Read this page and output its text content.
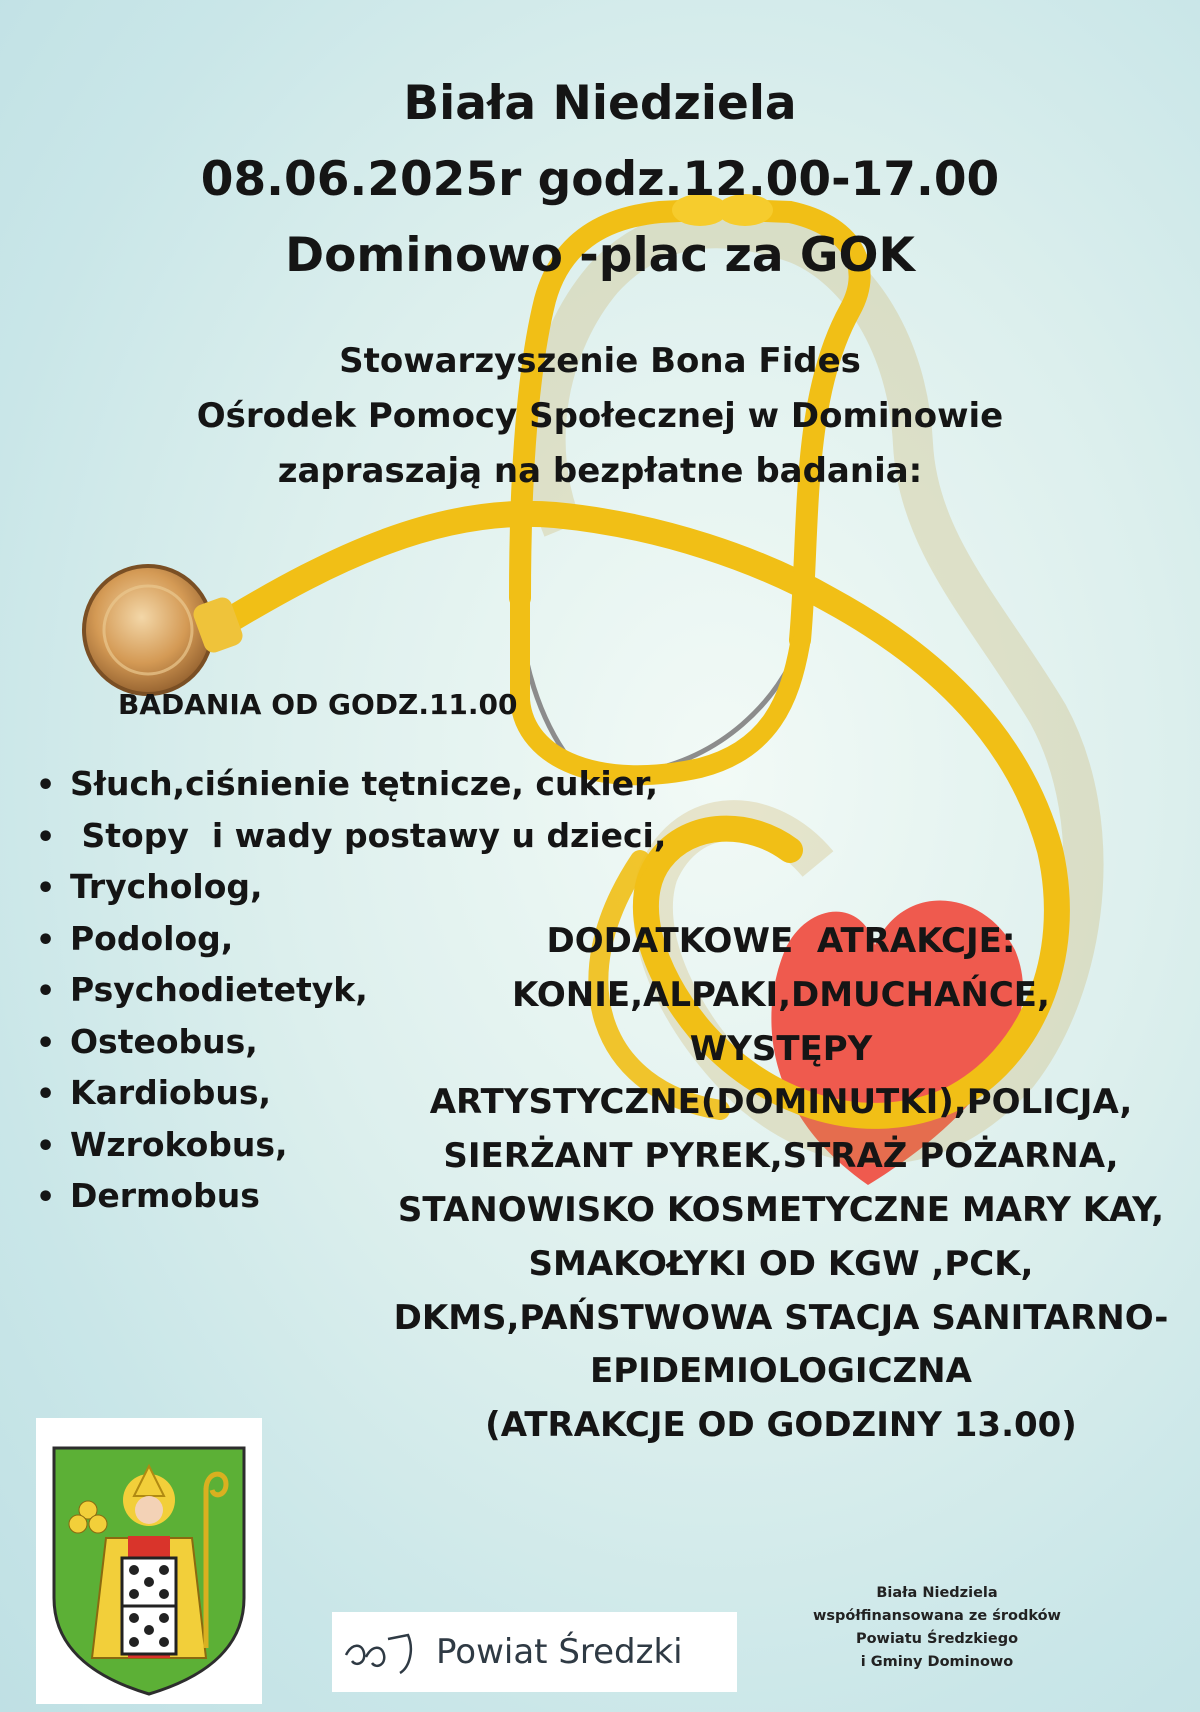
Biała Niedziela
08.06.2025r godz.12.00-17.00
Dominowo -plac za GOK
Stowarzyszenie Bona Fides
Ośrodek Pomocy Społecznej w Dominowie
zapraszają na bezpłatne badania:
BADANIA OD GODZ.11.00
• Słuch,ciśnienie tętnicze, cukier,
• Stopy  i wady postawy u dzieci,
• Trycholog,
• Podolog,
• Psychodietetyk,
• Osteobus,
• Kardiobus,
• Wzrokobus,
• Dermobus
DODATKOWE  ATRAKCJE:
KONIE,ALPAKI,DMUCHAŃCE,
WYSTĘPY
ARTYSTYCZNE(DOMINUTKI),POLICJA,
SIERŻANT PYREK,STRAŻ POŻARNA,
STANOWISKO KOSMETYCZNE MARY KAY,
SMAKOŁYKI OD KGW ,PCK,
DKMS,PAŃSTWOWA STACJA SANITARNO-
EPIDEMIOLOGICZNA
(ATRAKCJE OD GODZINY 13.00)
Powiat Średzki
Biała Niedziela
współfinansowana ze środków
Powiatu Średzkiego
i Gminy Dominowo
